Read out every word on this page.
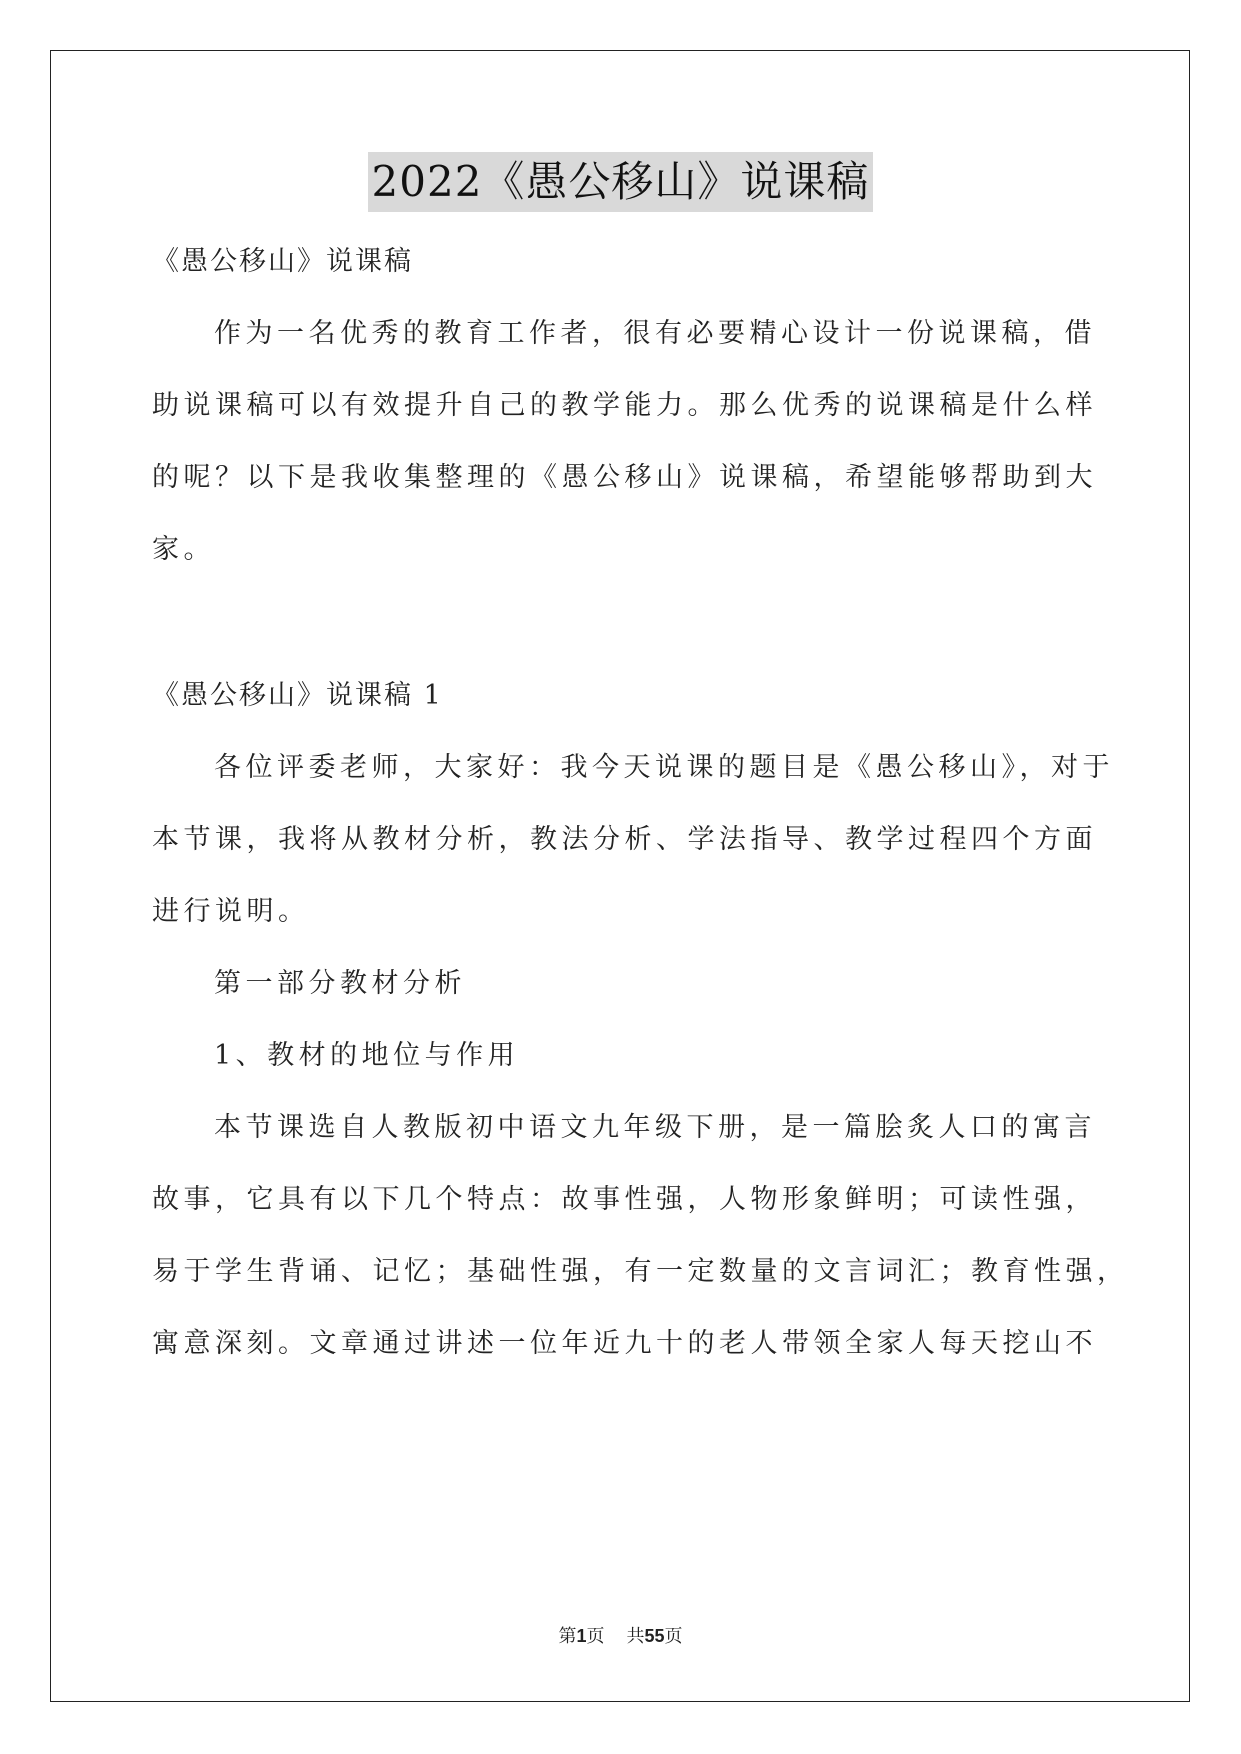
2022《愚公移山》说课稿
《愚公移山》说课稿
作为一名优秀的教育工作者，很有必要精心设计一份说课稿，借
助说课稿可以有效提升自己的教学能力。那么优秀的说课稿是什么样
的呢？以下是我收集整理的《愚公移山》说课稿，希望能够帮助到大
家。
《愚公移山》说课稿 1
各位评委老师，大家好：我今天说课的题目是《愚公移山》，对于
本节课，我将从教材分析，教法分析、学法指导、教学过程四个方面
进行说明。
第一部分教材分析
1、教材的地位与作用
本节课选自人教版初中语文九年级下册，是一篇脍炙人口的寓言
故事，它具有以下几个特点：故事性强，人物形象鲜明；可读性强，
易于学生背诵、记忆；基础性强，有一定数量的文言词汇；教育性强，
寓意深刻。文章通过讲述一位年近九十的老人带领全家人每天挖山不
第1页 共55页
